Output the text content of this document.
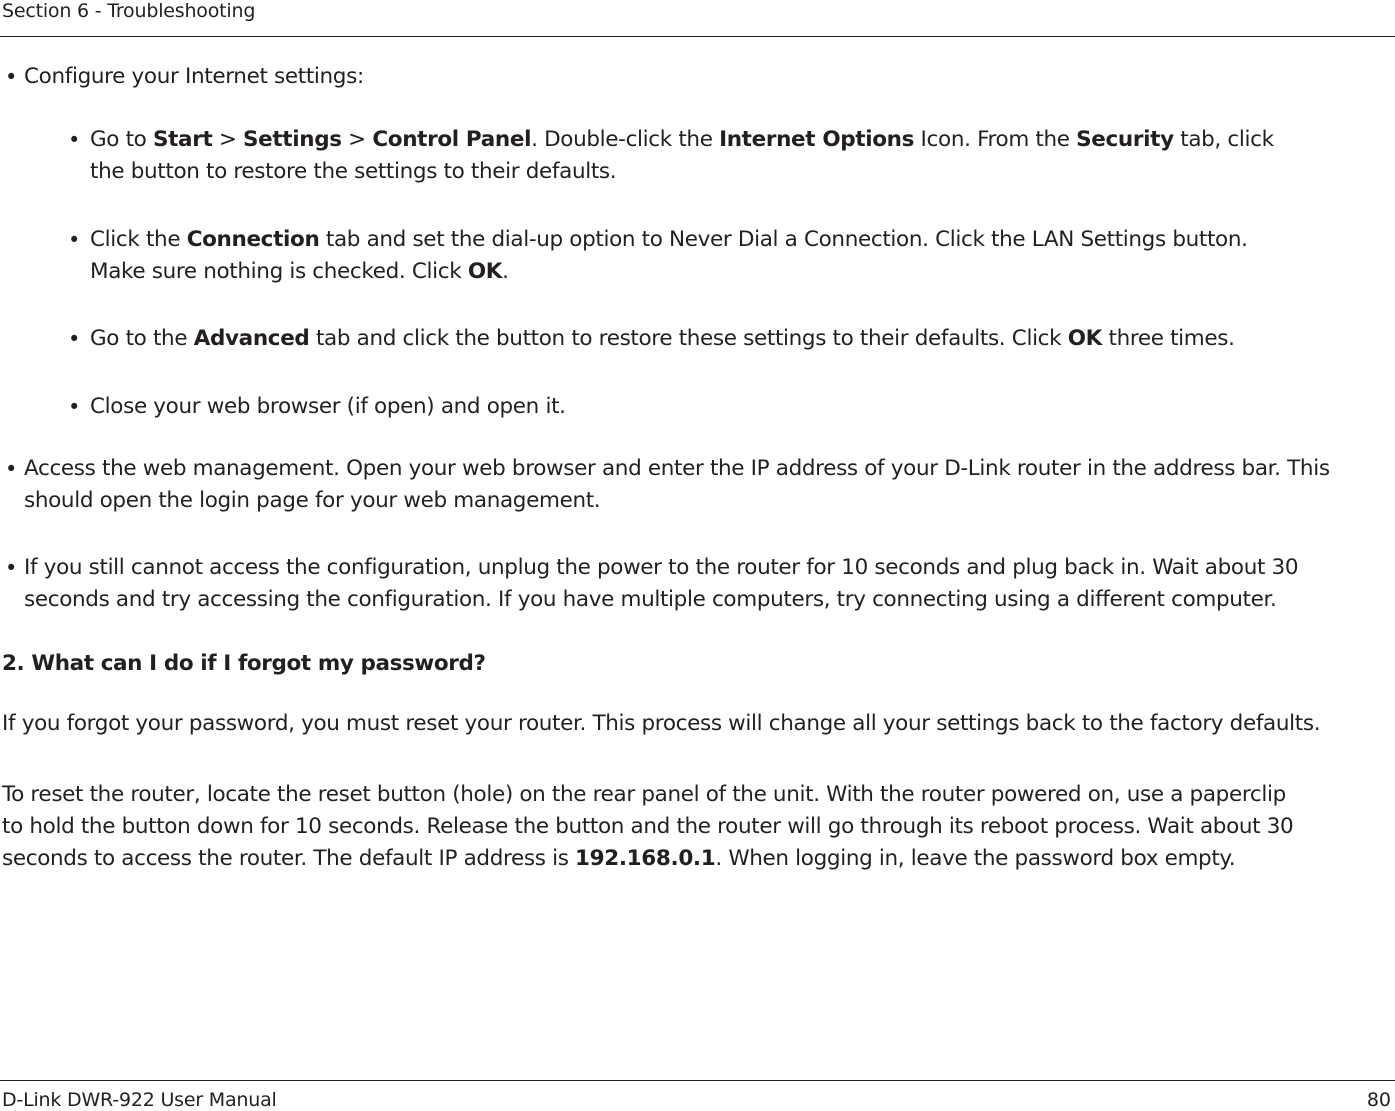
Section 6 - Troubleshooting
• Configure your Internet settings:
• Go to Start > Settings > Control Panel. Double-click the Internet Options Icon. From the Security tab, click
the button to restore the settings to their defaults.
• Click the Connection tab and set the dial-up option to Never Dial a Connection. Click the LAN Settings button.
Make sure nothing is checked. Click OK.
• Go to the Advanced tab and click the button to restore these settings to their defaults. Click OK three times.
• Close your web browser (if open) and open it.
• Access the web management. Open your web browser and enter the IP address of your D-Link router in the address bar. This
should open the login page for your web management.
• If you still cannot access the configuration, unplug the power to the router for 10 seconds and plug back in. Wait about 30
seconds and try accessing the configuration. If you have multiple computers, try connecting using a different computer.
2. What can I do if I forgot my password?
If you forgot your password, you must reset your router. This process will change all your settings back to the factory defaults.
To reset the router, locate the reset button (hole) on the rear panel of the unit. With the router powered on, use a paperclip
to hold the button down for 10 seconds. Release the button and the router will go through its reboot process. Wait about 30
seconds to access the router. The default IP address is 192.168.0.1. When logging in, leave the password box empty.
D-Link DWR-922 User Manual	80
